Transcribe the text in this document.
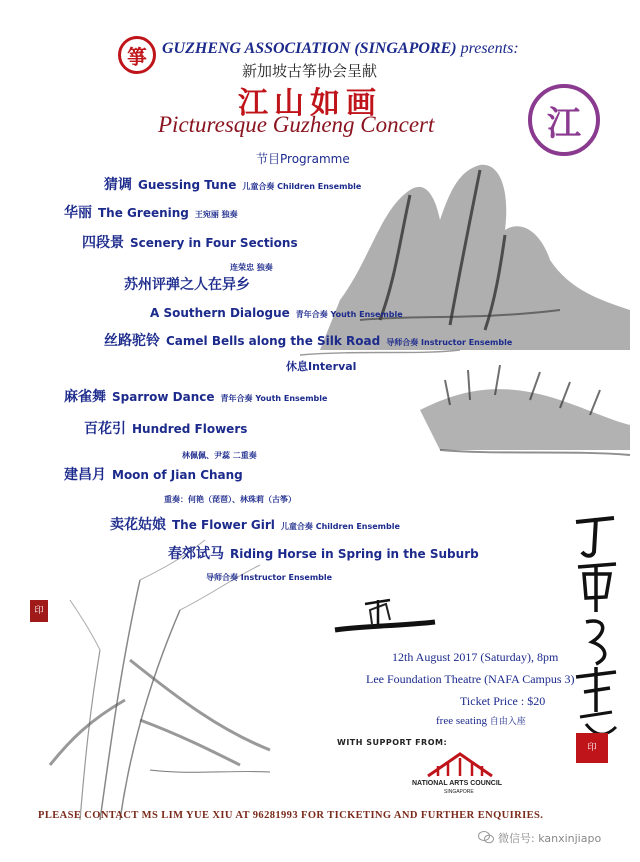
印
印
箏 GUZHENG ASSOCIATION (SINGAPORE) presents:
新加坡古筝协会呈献
江山如画
Picturesque Guzheng Concert	江
节目Programme
猜调 Guessing Tune 儿童合奏 Children Ensemble
华丽 The Greening 王宛丽 独奏
四段景 Scenery in Four Sections
连荣忠 独奏
苏州评弹之人在异乡
A Southern Dialogue 青年合奏 Youth Ensemble
丝路驼铃 Camel Bells along the Silk Road 导师合奏 Instructor Ensemble
休息Interval
麻雀舞 Sparrow Dance 青年合奏 Youth Ensemble
百花引 Hundred Flowers
林佩佩、尹蕊 二重奏
建昌月 Moon of Jian Chang
重奏：何艳（琵琶）、林珠莉（古筝）
卖花姑娘 The Flower Girl 儿童合奏 Children Ensemble
春郊试马 Riding Horse in Spring in the Suburb
导师合奏 Instructor Ensemble
12th August 2017 (Saturday), 8pm
Lee Foundation Theatre (NAFA Campus 3)
Ticket Price : $20
free seating 自由入座
WITH SUPPORT FROM:
NATIONAL ARTS COUNCIL
SINGAPORE
PLEASE CONTACT MS LIM YUE XIU AT 96281993 FOR TICKETING AND FURTHER ENQUIRIES.
微信号: kanxinjiapo
